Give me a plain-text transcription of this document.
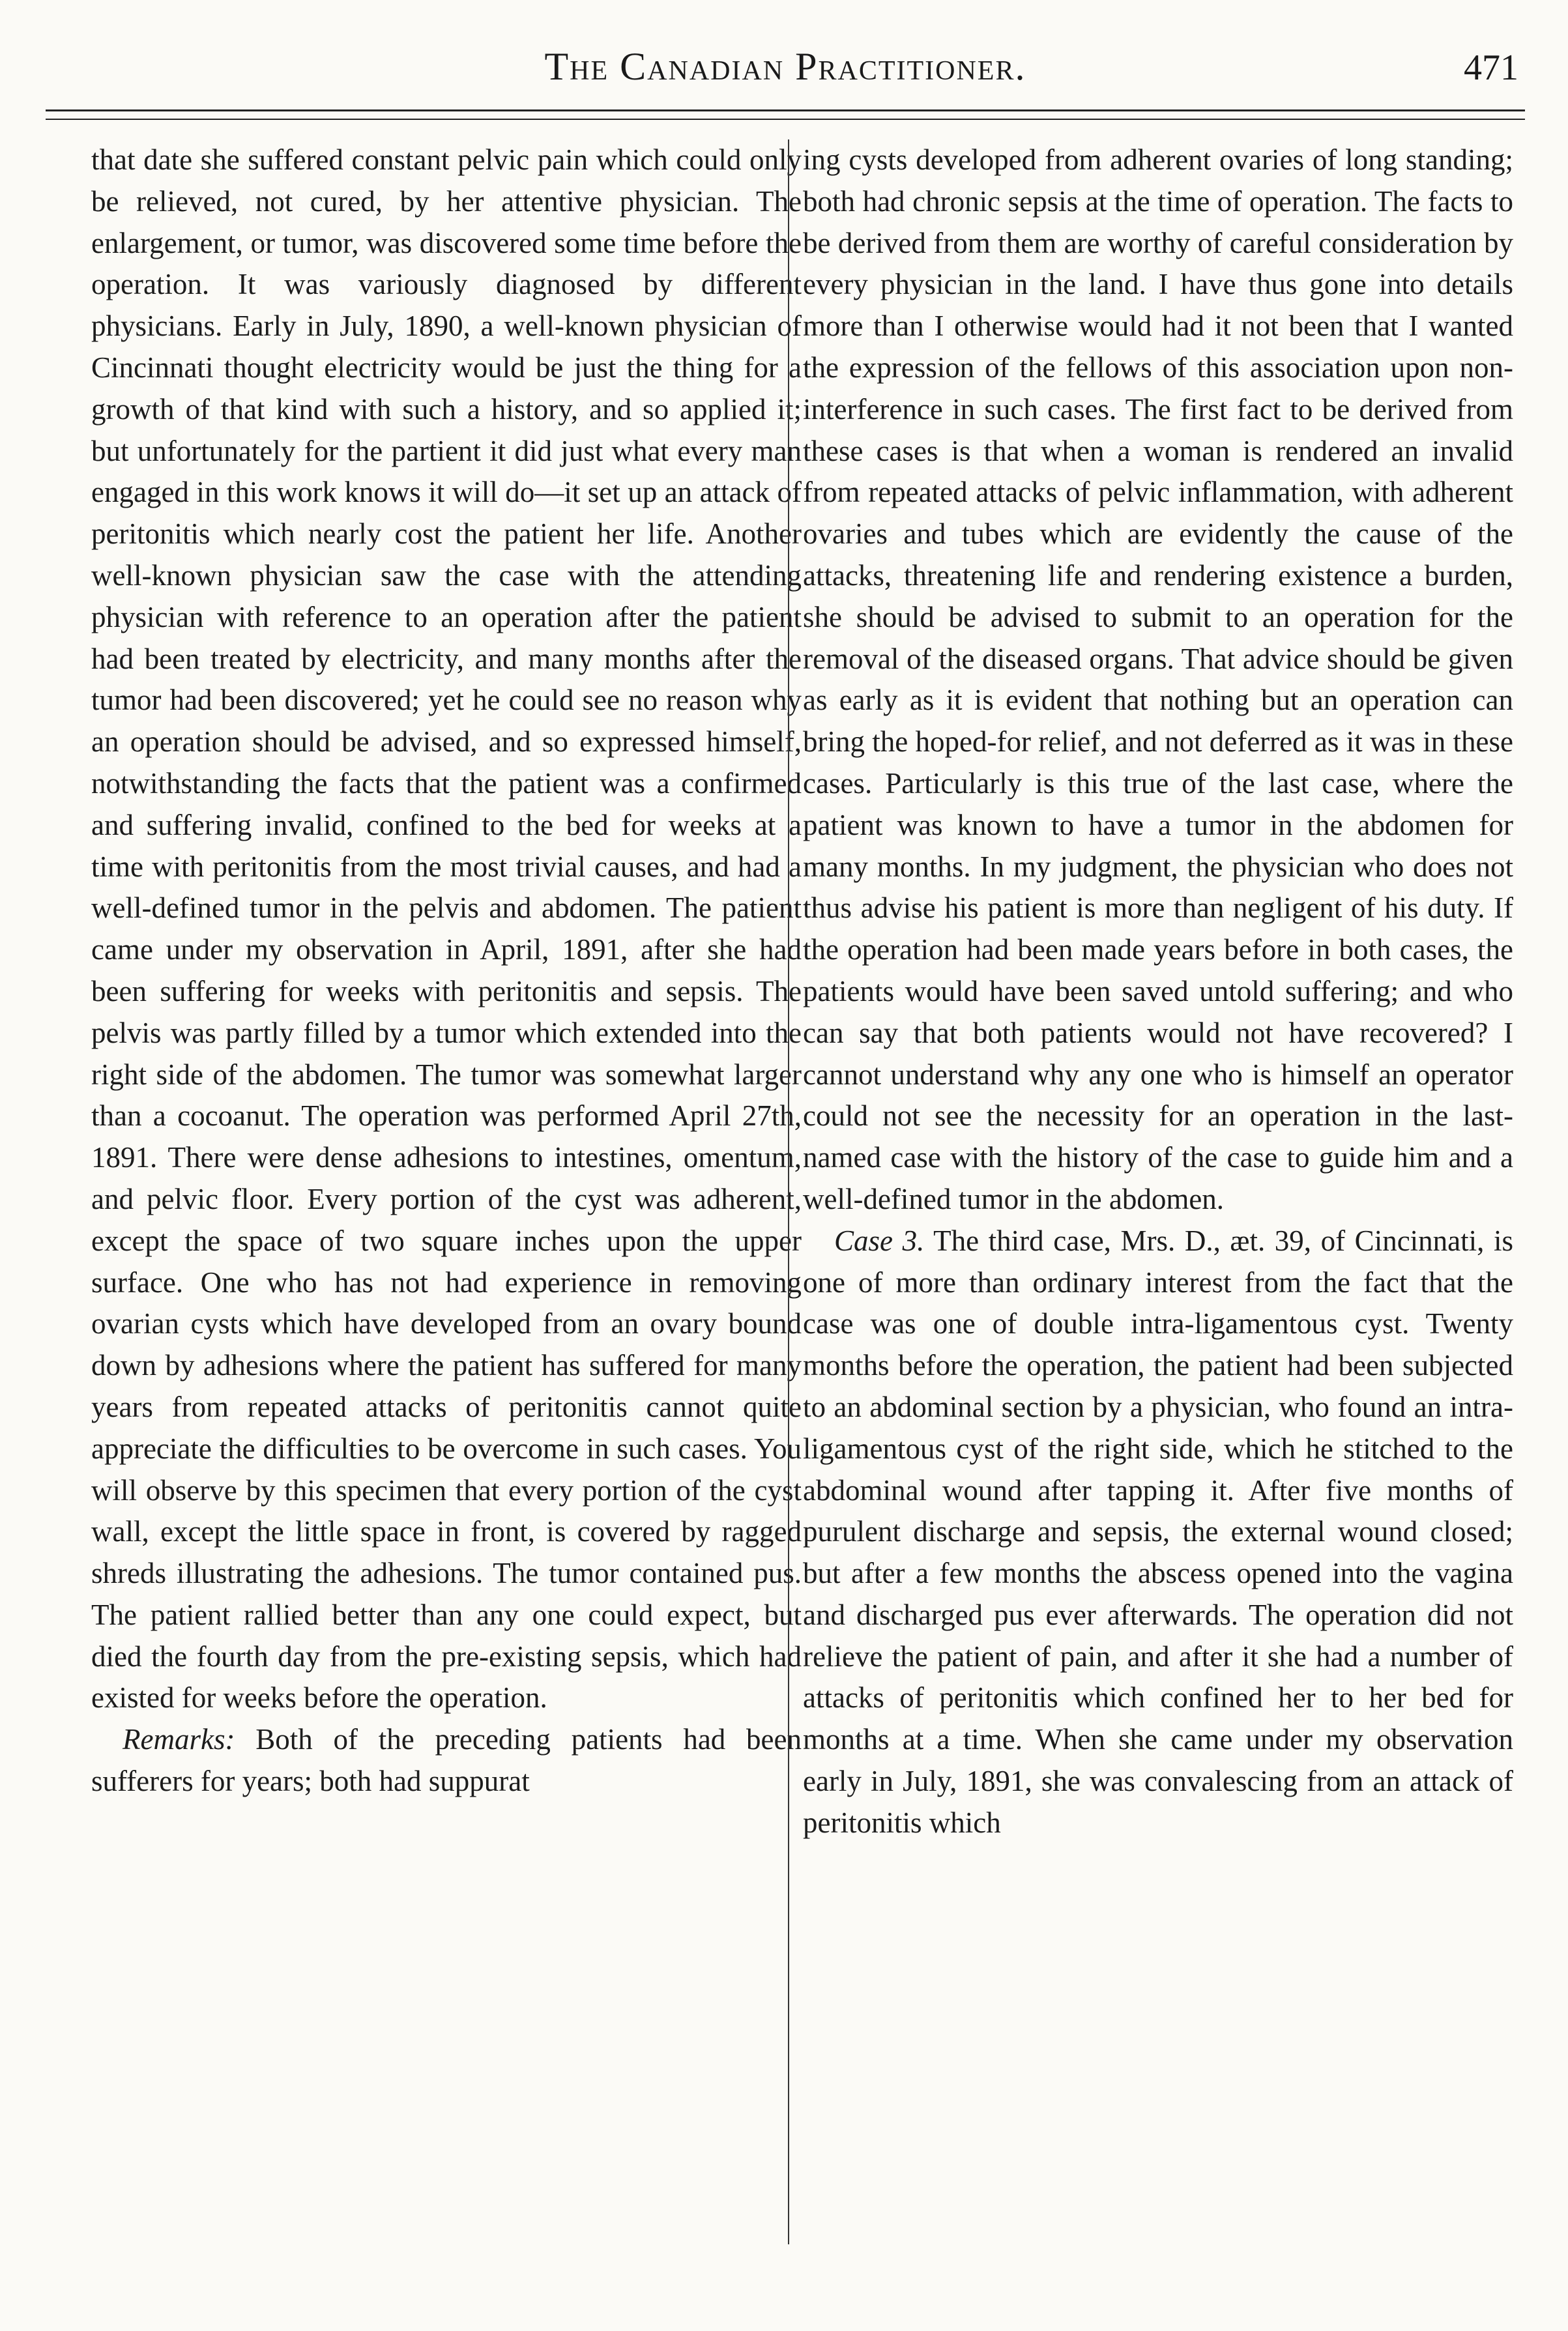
The Canadian Practitioner.	471

that date she suffered constant pelvic pain which could only be relieved, not cured, by her attentive physician. The enlargement, or tumor, was discovered some time before the operation. It was variously diagnosed by different physicians. Early in July, 1890, a well-known physician of Cincinnati thought electricity would be just the thing for a growth of that kind with such a history, and so applied it; but unfortunately for the partient it did just what every man engaged in this work knows it will do—it set up an attack of peritonitis which nearly cost the patient her life. Another well-known physician saw the case with the attending physician with reference to an operation after the patient had been treated by electricity, and many months after the tumor had been discovered; yet he could see no reason why an operation should be advised, and so expressed himself, notwithstanding the facts that the patient was a confirmed and suffering invalid, confined to the bed for weeks at a time with peritonitis from the most trivial causes, and had a well-defined tumor in the pelvis and abdomen. The patient came under my observation in April, 1891, after she had been suffering for weeks with peritonitis and sepsis. The pelvis was partly filled by a tumor which extended into the right side of the abdomen. The tumor was somewhat larger than a cocoanut. The operation was performed April 27th, 1891. There were dense adhesions to intestines, omentum, and pelvic floor. Every portion of the cyst was adherent, except the space of two square inches upon the upper surface. One who has not had experience in removing ovarian cysts which have developed from an ovary bound down by adhesions where the patient has suffered for many years from repeated attacks of peritonitis cannot quite appreciate the difficulties to be overcome in such cases. You will observe by this specimen that every portion of the cyst wall, except the little space in front, is covered by ragged shreds illustrating the adhesions. The tumor contained pus. The patient rallied better than any one could expect, but died the fourth day from the pre-existing sepsis, which had existed for weeks before the operation.

Remarks: Both of the preceding patients had been sufferers for years; both had suppurat

ing cysts developed from adherent ovaries of long standing; both had chronic sepsis at the time of operation. The facts to be derived from them are worthy of careful consideration by every physician in the land. I have thus gone into details more than I otherwise would had it not been that I wanted the expression of the fellows of this association upon non-interference in such cases. The first fact to be derived from these cases is that when a woman is rendered an invalid from repeated attacks of pelvic inflammation, with adherent ovaries and tubes which are evidently the cause of the attacks, threatening life and rendering existence a burden, she should be advised to submit to an operation for the removal of the diseased organs. That advice should be given as early as it is evident that nothing but an operation can bring the hoped-for relief, and not deferred as it was in these cases. Particularly is this true of the last case, where the patient was known to have a tumor in the abdomen for many months. In my judgment, the physician who does not thus advise his patient is more than negligent of his duty. If the operation had been made years before in both cases, the patients would have been saved untold suffering; and who can say that both patients would not have recovered? I cannot understand why any one who is himself an operator could not see the necessity for an operation in the last-named case with the history of the case to guide him and a well-defined tumor in the abdomen.

Case 3. The third case, Mrs. D., æt. 39, of Cincinnati, is one of more than ordinary interest from the fact that the case was one of double intra-ligamentous cyst. Twenty months before the operation, the patient had been subjected to an abdominal section by a physician, who found an intra-ligamentous cyst of the right side, which he stitched to the abdominal wound after tapping it. After five months of purulent discharge and sepsis, the external wound closed; but after a few months the abscess opened into the vagina and discharged pus ever afterwards. The operation did not relieve the patient of pain, and after it she had a number of attacks of peritonitis which confined her to her bed for months at a time. When she came under my observation early in July, 1891, she was convalescing from an attack of peritonitis which
